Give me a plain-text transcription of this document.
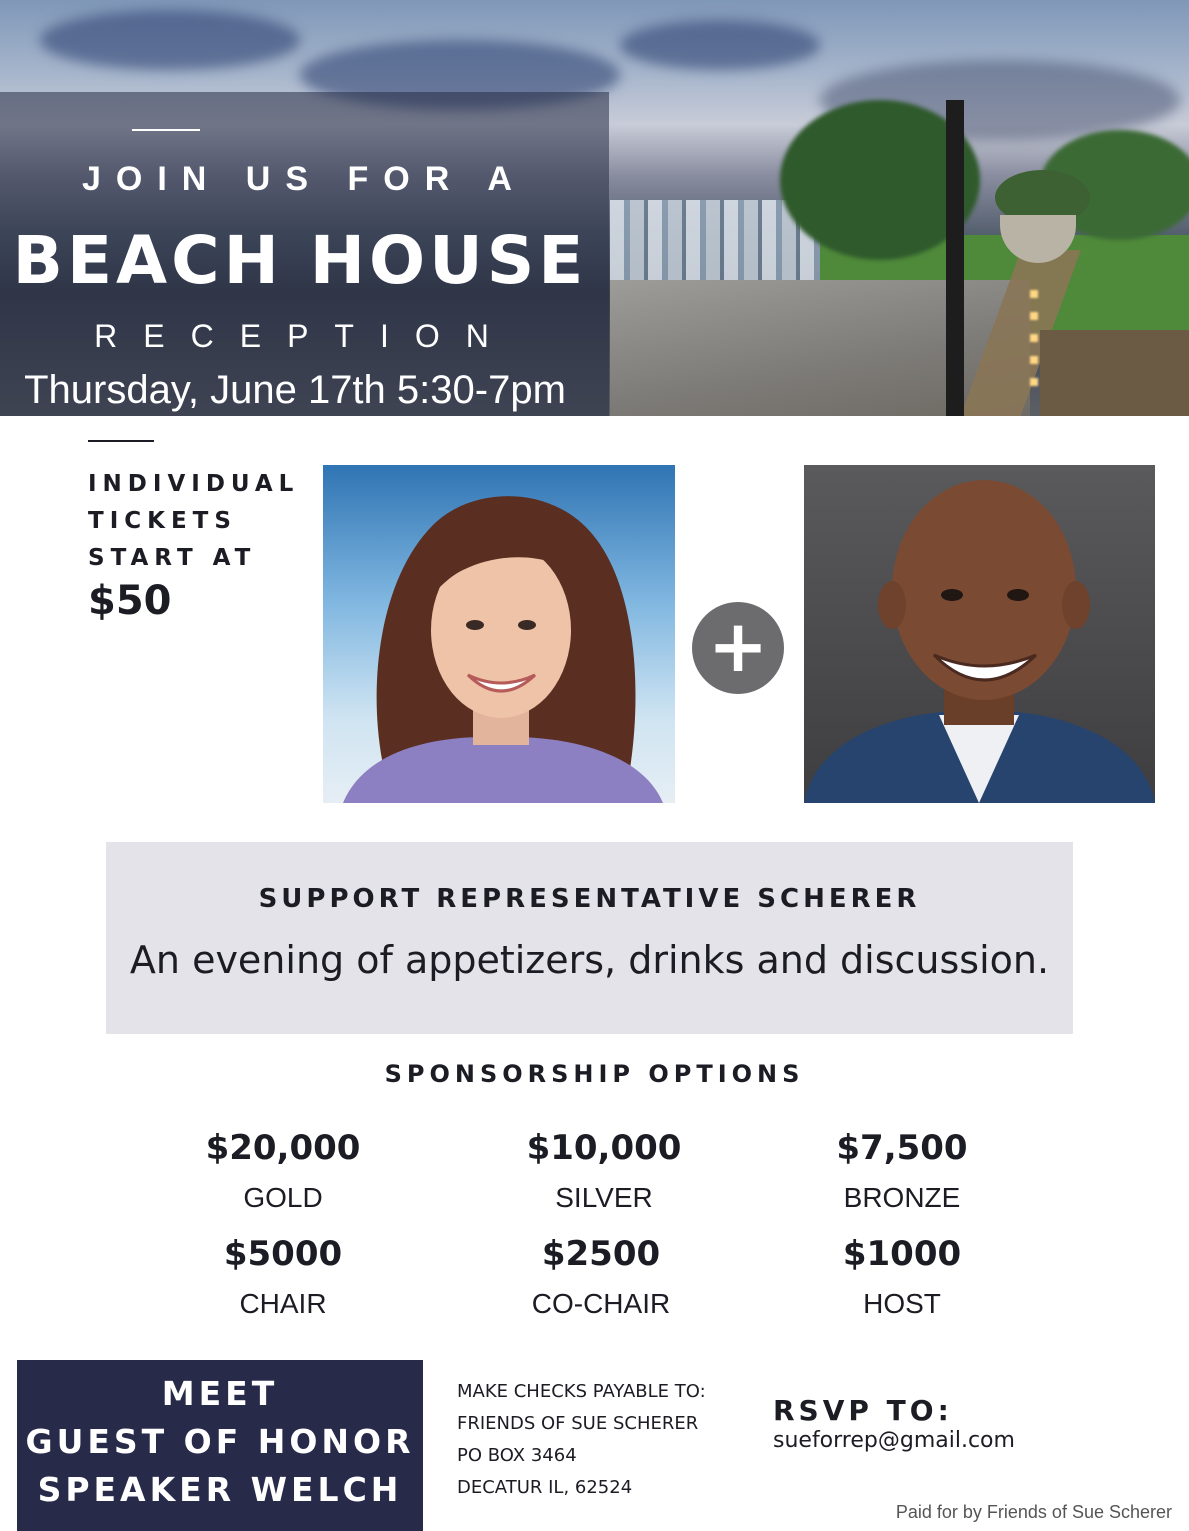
JOIN US FOR A
BEACH HOUSE
RECEPTION
Thursday, June 17th 5:30-7pm
INDIVIDUAL
TICKETS
START AT
$50
+
SUPPORT REPRESENTATIVE SCHERER
An evening of appetizers, drinks and discussion.
SPONSORSHIP OPTIONS
$20,000
GOLD
$10,000
SILVER
$7,500
BRONZE
$5000
CHAIR
$2500
CO-CHAIR
$1000
HOST
MEET
GUEST OF HONOR
SPEAKER WELCH
MAKE CHECKS PAYABLE TO:
FRIENDS OF SUE SCHERER
PO BOX 3464
DECATUR IL, 62524
RSVP TO:
sueforrep@gmail.com
Paid for by Friends of Sue Scherer
